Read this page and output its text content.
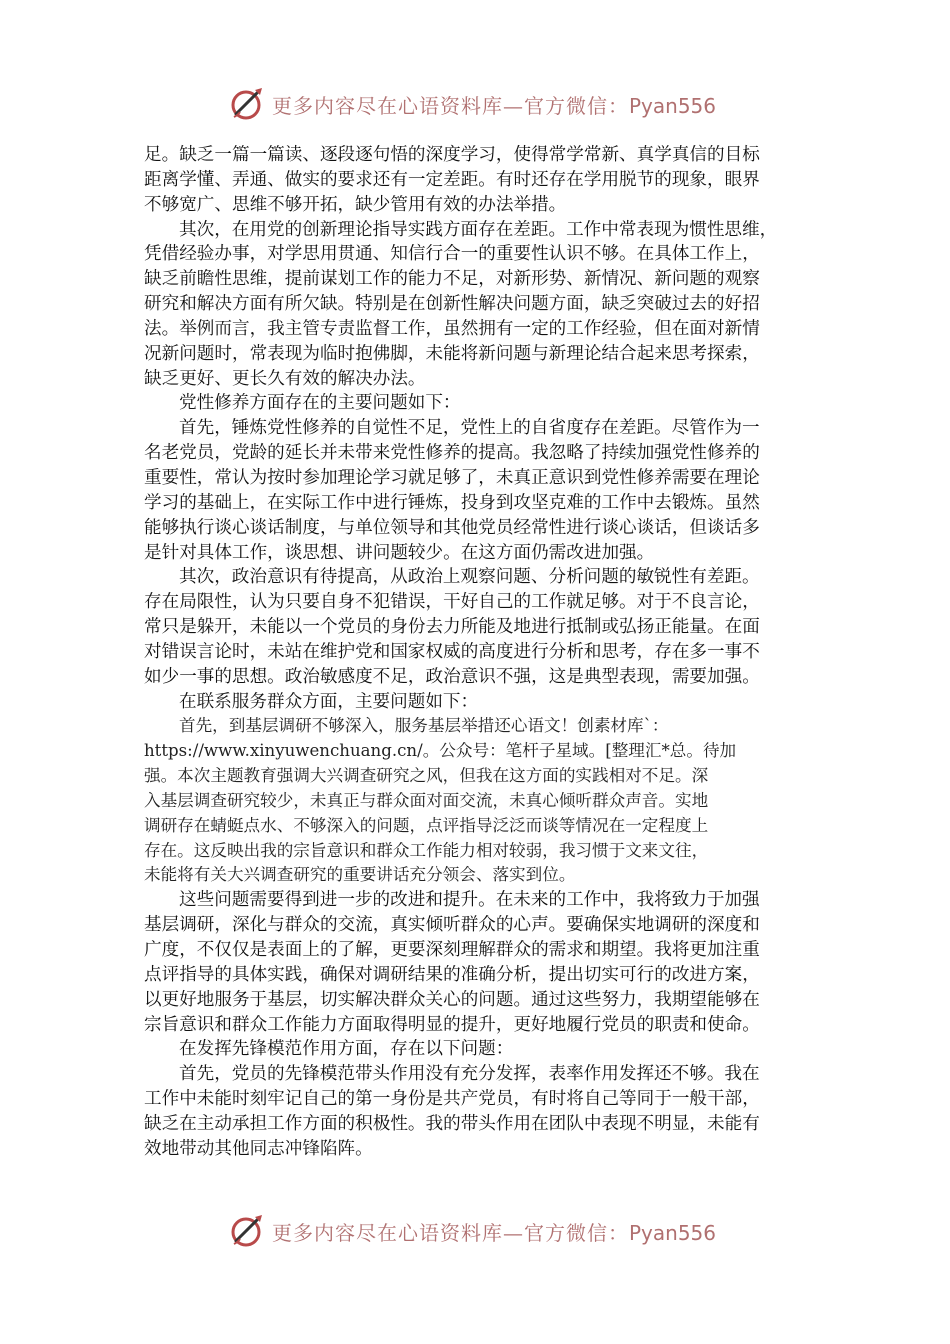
更多内容尽在心语资料库—官方微信：Pyan556
足。缺乏一篇一篇读、逐段逐句悟的深度学习，使得常学常新、真学真信的目标
距离学懂、弄通、做实的要求还有一定差距。有时还存在学用脱节的现象，眼界
不够宽广、思维不够开拓，缺少管用有效的办法举措。
其次，在用党的创新理论指导实践方面存在差距。工作中常表现为惯性思维，
凭借经验办事，对学思用贯通、知信行合一的重要性认识不够。在具体工作上，
缺乏前瞻性思维，提前谋划工作的能力不足，对新形势、新情况、新问题的观察
研究和解决方面有所欠缺。特别是在创新性解决问题方面，缺乏突破过去的好招
法。举例而言，我主管专责监督工作，虽然拥有一定的工作经验，但在面对新情
况新问题时，常表现为临时抱佛脚，未能将新问题与新理论结合起来思考探索，
缺乏更好、更长久有效的解决办法。
党性修养方面存在的主要问题如下：
首先，锤炼党性修养的自觉性不足，党性上的自省度存在差距。尽管作为一
名老党员，党龄的延长并未带来党性修养的提高。我忽略了持续加强党性修养的
重要性，常认为按时参加理论学习就足够了，未真正意识到党性修养需要在理论
学习的基础上，在实际工作中进行锤炼，投身到攻坚克难的工作中去锻炼。虽然
能够执行谈心谈话制度，与单位领导和其他党员经常性进行谈心谈话，但谈话多
是针对具体工作，谈思想、讲问题较少。在这方面仍需改进加强。
其次，政治意识有待提高，从政治上观察问题、分析问题的敏锐性有差距。
存在局限性，认为只要自身不犯错误，干好自己的工作就足够。对于不良言论，
常只是躲开，未能以一个党员的身份去力所能及地进行抵制或弘扬正能量。在面
对错误言论时，未站在维护党和国家权威的高度进行分析和思考，存在多一事不
如少一事的思想。政治敏感度不足，政治意识不强，这是典型表现，需要加强。
在联系服务群众方面，主要问题如下：
首先，到基层调研不够深入，服务基层举措还心语文！创素材库`：
https://www.xinyuwenchuang.cn/。公众号：笔杆子星域。[整理汇*总。待加
强。本次主题教育强调大兴调查研究之风，但我在这方面的实践相对不足。深
入基层调查研究较少，未真正与群众面对面交流，未真心倾听群众声音。实地
调研存在蜻蜓点水、不够深入的问题，点评指导泛泛而谈等情况在一定程度上
存在。这反映出我的宗旨意识和群众工作能力相对较弱，我习惯于文来文往，
未能将有关大兴调查研究的重要讲话充分领会、落实到位。
这些问题需要得到进一步的改进和提升。在未来的工作中，我将致力于加强
基层调研，深化与群众的交流，真实倾听群众的心声。要确保实地调研的深度和
广度，不仅仅是表面上的了解，更要深刻理解群众的需求和期望。我将更加注重
点评指导的具体实践，确保对调研结果的准确分析，提出切实可行的改进方案，
以更好地服务于基层，切实解决群众关心的问题。通过这些努力，我期望能够在
宗旨意识和群众工作能力方面取得明显的提升，更好地履行党员的职责和使命。
在发挥先锋模范作用方面，存在以下问题：
首先，党员的先锋模范带头作用没有充分发挥，表率作用发挥还不够。我在
工作中未能时刻牢记自己的第一身份是共产党员，有时将自己等同于一般干部，
缺乏在主动承担工作方面的积极性。我的带头作用在团队中表现不明显，未能有
效地带动其他同志冲锋陷阵。
更多内容尽在心语资料库—官方微信：Pyan556
